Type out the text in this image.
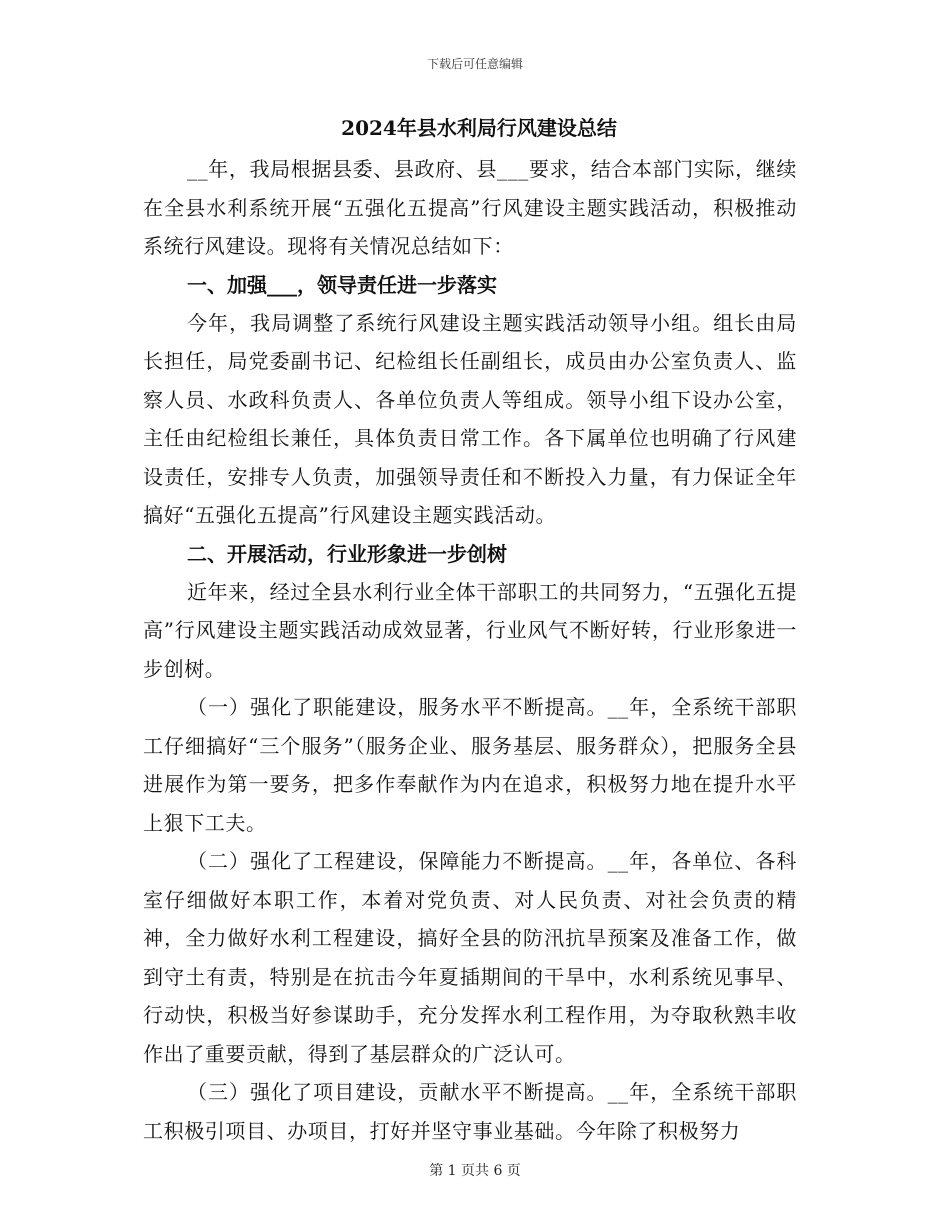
下载后可任意编辑
2024年县水利局行风建设总结

__年，我局根据县委、县政府、县___要求，结合本部门实际，继续在全县水利系统开展“五强化五提高”行风建设主题实践活动，积极推动系统行风建设。现将有关情况总结如下：

一、加强___，领导责任进一步落实

今年，我局调整了系统行风建设主题实践活动领导小组。组长由局长担任，局党委副书记、纪检组长任副组长，成员由办公室负责人、监察人员、水政科负责人、各单位负责人等组成。领导小组下设办公室，主任由纪检组长兼任，具体负责日常工作。各下属单位也明确了行风建设责任，安排专人负责，加强领导责任和不断投入力量，有力保证全年搞好“五强化五提高”行风建设主题实践活动。

二、开展活动，行业形象进一步创树

近年来，经过全县水利行业全体干部职工的共同努力，“五强化五提高”行风建设主题实践活动成效显著，行业风气不断好转，行业形象进一步创树。

（一）强化了职能建设，服务水平不断提高。__年，全系统干部职工仔细搞好“三个服务”（服务企业、服务基层、服务群众），把服务全县进展作为第一要务，把多作奉献作为内在追求，积极努力地在提升水平上狠下工夫。

（二）强化了工程建设，保障能力不断提高。__年，各单位、各科室仔细做好本职工作，本着对党负责、对人民负责、对社会负责的精神，全力做好水利工程建设，搞好全县的防汛抗旱预案及准备工作，做到守土有责，特别是在抗击今年夏插期间的干旱中，水利系统见事早、行动快，积极当好参谋助手，充分发挥水利工程作用，为夺取秋熟丰收作出了重要贡献，得到了基层群众的广泛认可。

（三）强化了项目建设，贡献水平不断提高。__年，全系统干部职工积极引项目、办项目，打好并坚守事业基础。今年除了积极努力

第 1 页共 6 页
